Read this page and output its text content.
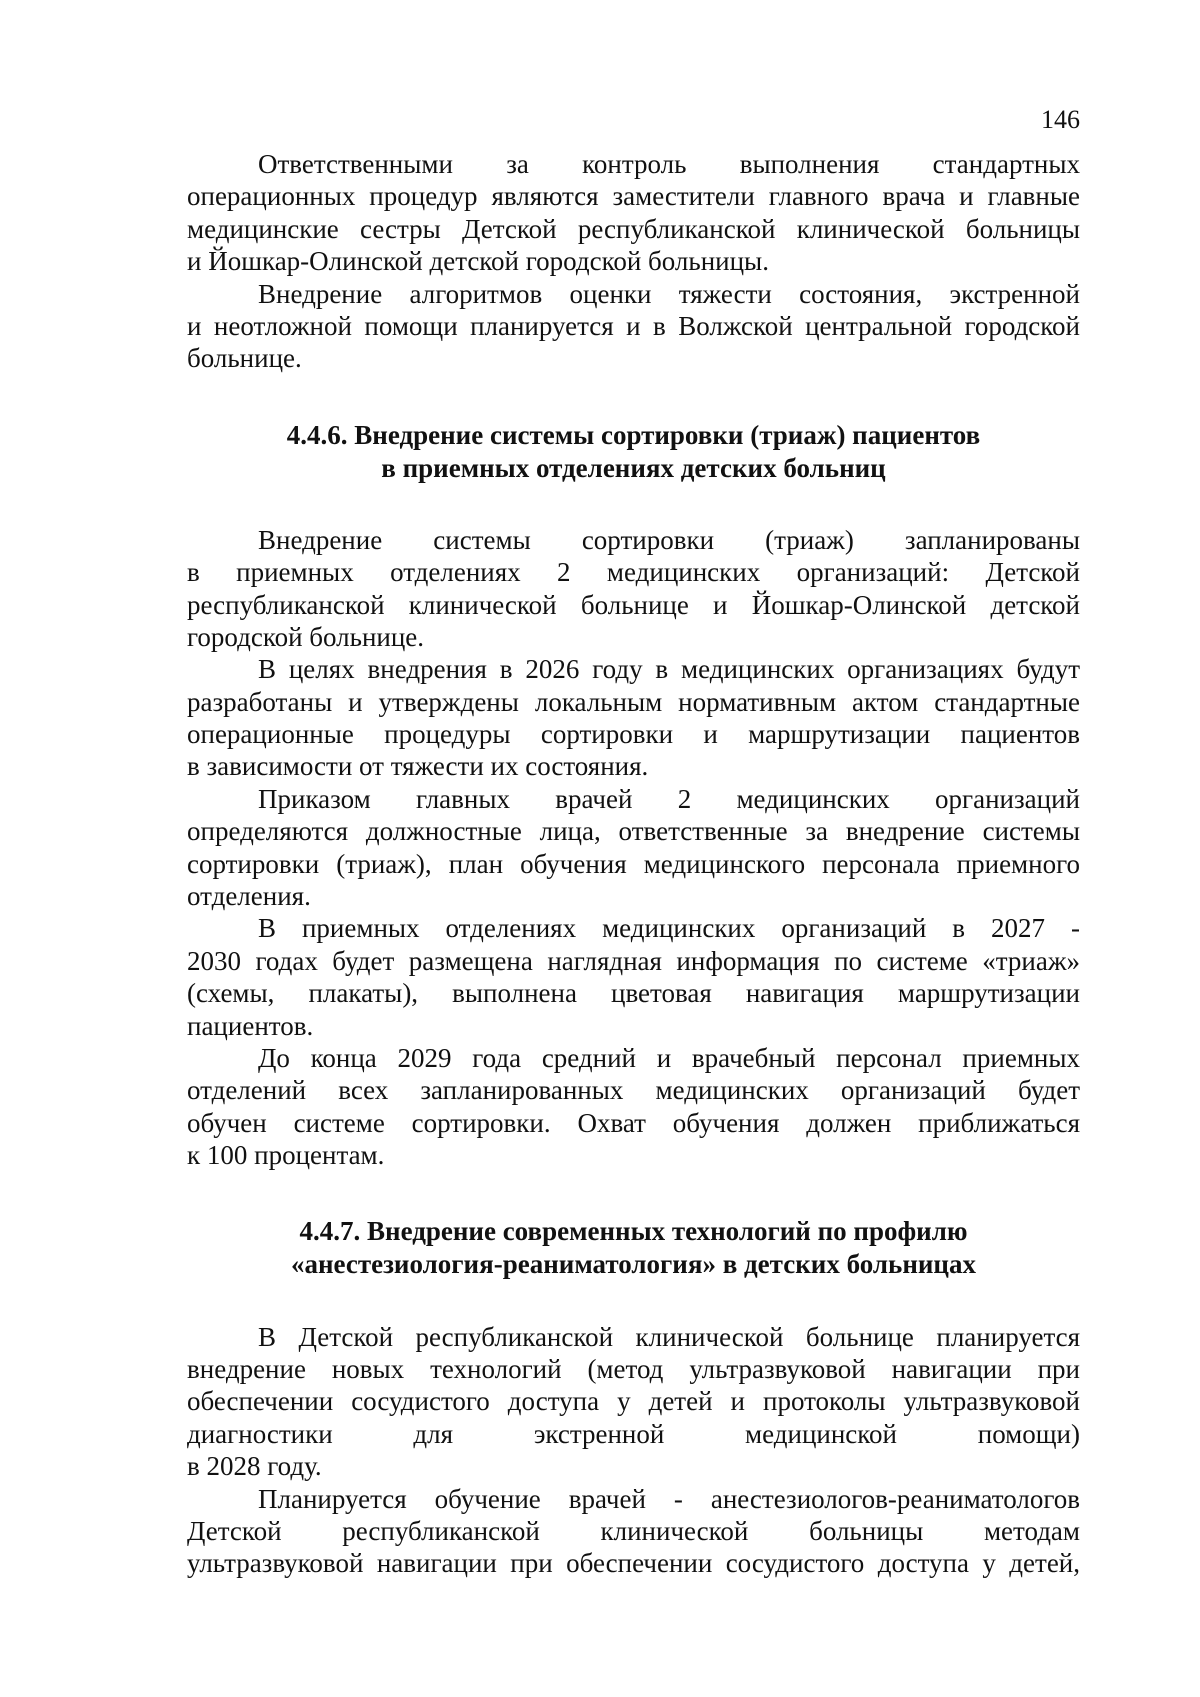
146
Ответственными за контроль выполнения стандартных
операционных процедур являются заместители главного врача и главные
медицинские сестры Детской республиканской клинической больницы
и Йошкар-Олинской детской городской больницы.
Внедрение алгоритмов оценки тяжести состояния, экстренной
и неотложной помощи планируется и в Волжской центральной городской
больнице.
4.4.6. Внедрение системы сортировки (триаж) пациентов
в приемных отделениях детских больниц
Внедрение системы сортировки (триаж) запланированы
в приемных отделениях 2 медицинских организаций: Детской
республиканской клинической больнице и Йошкар-Олинской детской
городской больнице.
В целях внедрения в 2026 году в медицинских организациях будут
разработаны и утверждены локальным нормативным актом стандартные
операционные процедуры сортировки и маршрутизации пациентов
в зависимости от тяжести их состояния.
Приказом главных врачей 2 медицинских организаций
определяются должностные лица, ответственные за внедрение системы
сортировки (триаж), план обучения медицинского персонала приемного
отделения.
В приемных отделениях медицинских организаций в 2027 -
2030 годах будет размещена наглядная информация по системе «триаж»
(схемы, плакаты), выполнена цветовая навигация маршрутизации
пациентов.
До конца 2029 года средний и врачебный персонал приемных
отделений всех запланированных медицинских организаций будет
обучен системе сортировки. Охват обучения должен приближаться
к 100 процентам.
4.4.7. Внедрение современных технологий по профилю
«анестезиология-реаниматология» в детских больницах
В Детской республиканской клинической больнице планируется
внедрение новых технологий (метод ультразвуковой навигации при
обеспечении сосудистого доступа у детей и протоколы ультразвуковой
диагностики для экстренной медицинской помощи)
в 2028 году.
Планируется обучение врачей - анестезиологов-реаниматологов
Детской республиканской клинической больницы методам
ультразвуковой навигации при обеспечении сосудистого доступа у детей,
